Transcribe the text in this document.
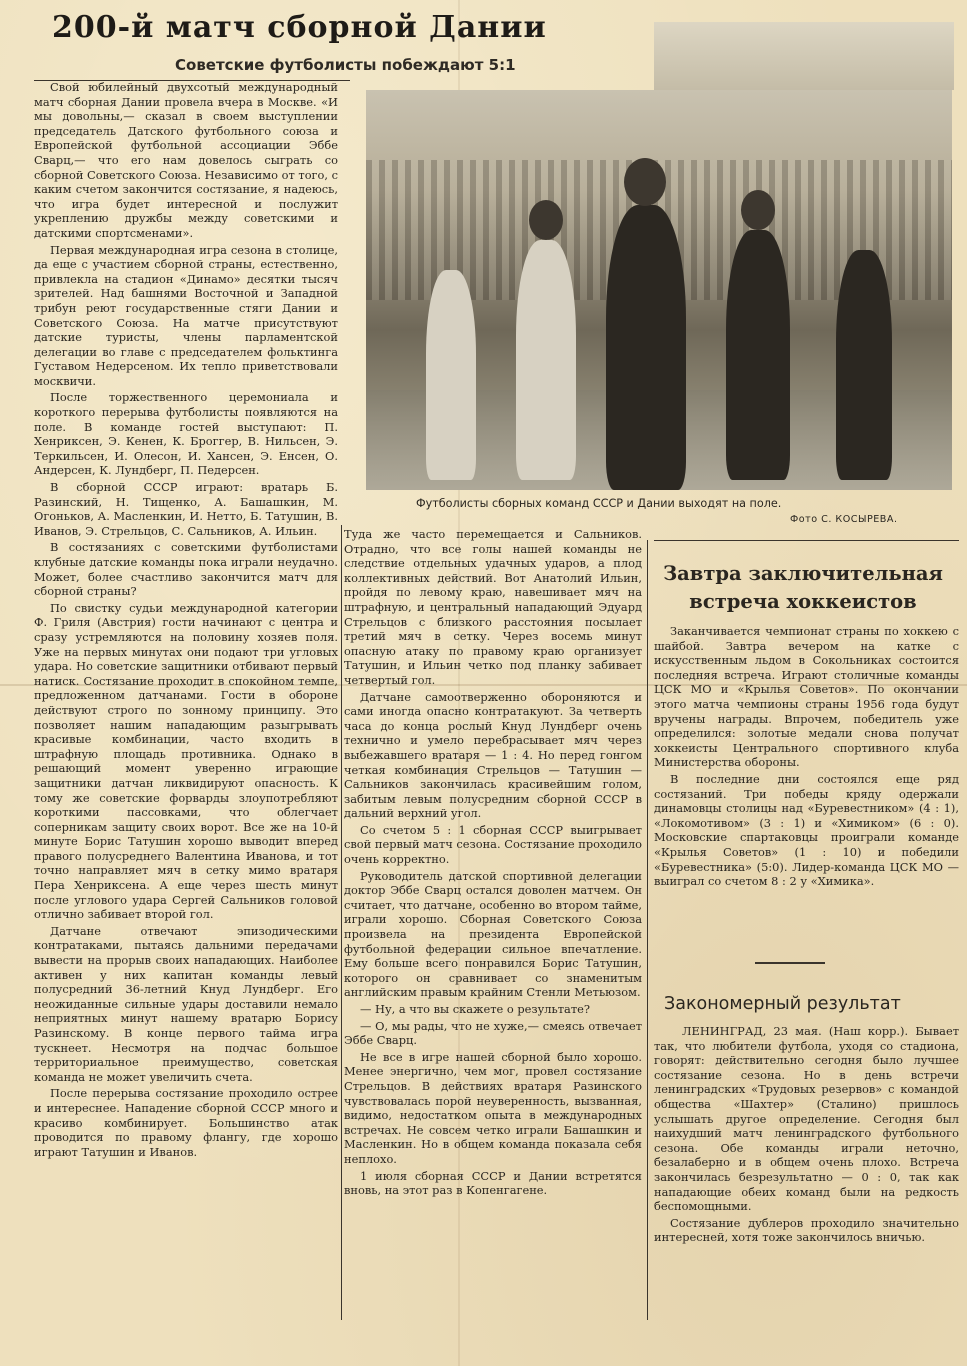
200-й матч сборной Дании
Советские футболисты побеждают 5:1
Футболисты сборных команд СССР и Дании выходят на поле.
Фото С. КОСЫРЕВА.

Свой юбилейный двухсотый международный матч сборная Дании провела вчера в Москве. «И мы довольны,— сказал в своем выступлении председатель Датского футбольного союза и Европейской футбольной ассоциации Эббе Сварц,— что его нам довелось сыграть со сборной Советского Союза. Независимо от того, с каким счетом закончится состязание, я надеюсь, что игра будет интересной и послужит укреплению дружбы между советскими и датскими спортсменами».

Первая международная игра сезона в столице, да еще с участием сборной страны, естественно, привлекла на стадион «Динамо» десятки тысяч зрителей. Над башнями Восточной и Западной трибун реют государственные стяги Дании и Советского Союза. На матче присутствуют датские туристы, члены парламентской делегации во главе с председателем фольктинга Густавом Недерсеном. Их тепло приветствовали москвичи.

После торжественного церемониала и короткого перерыва футболисты появляются на поле. В команде гостей выступают: П. Хенриксен, Э. Кенен, К. Броггер, В. Нильсен, Э. Теркильсен, И. Олесон, И. Хансен, Э. Енсен, О. Андерсен, К. Лундберг, П. Педерсен.

В сборной СССР играют: вратарь Б. Разинский, Н. Тищенко, А. Башашкин, М. Огоньков, А. Масленкин, И. Нетто, Б. Татушин, В. Иванов, Э. Стрельцов, С. Сальников, А. Ильин.

В состязаниях с советскими футболистами клубные датские команды пока играли неудачно. Может, более счастливо закончится матч для сборной страны?

По свистку судьи международной категории Ф. Гриля (Австрия) гости начинают с центра и сразу устремляются на половину хозяев поля. Уже на первых минутах они подают три угловых удара. Но советские защитники отбивают первый натиск. Состязание проходит в спокойном темпе, предложенном датчанами. Гости в обороне действуют строго по зонному принципу. Это позволяет нашим нападающим разыгрывать красивые комбинации, часто входить в штрафную площадь противника. Однако в решающий момент уверенно играющие защитники датчан ликвидируют опасность. К тому же советские форварды злоупотребляют короткими пассовками, что облегчает соперникам защиту своих ворот. Все же на 10-й минуте Борис Татушин хорошо выводит вперед правого полусреднего Валентина Иванова, и тот точно направляет мяч в сетку мимо вратаря Пера Хенриксена. А еще через шесть минут после углового удара Сергей Сальников головой отлично забивает второй гол.

Датчане отвечают эпизодическими контратаками, пытаясь дальними передачами вывести на прорыв своих нападающих. Наиболее активен у них капитан команды левый полусредний 36-летний Кнуд Лундберг. Его неожиданные сильные удары доставили немало неприятных минут нашему вратарю Борису Разинскому. В конце первого тайма игра тускнеет. Несмотря на подчас большое территориальное преимущество, советская команда не может увеличить счета.

После перерыва состязание проходило острее и интереснее. Нападение сборной СССР много и красиво комбинирует. Большинство атак проводится по правому флангу, где хорошо играют Татушин и Иванов.

Туда же часто перемещается и Сальников. Отрадно, что все голы нашей команды не следствие отдельных удачных ударов, а плод коллективных действий. Вот Анатолий Ильин, пройдя по левому краю, навешивает мяч на штрафную, и центральный нападающий Эдуард Стрельцов с близкого расстояния посылает третий мяч в сетку. Через восемь минут опасную атаку по правому краю организует Татушин, и Ильин четко под планку забивает четвертый гол.

Датчане самоотверженно обороняются и сами иногда опасно контратакуют. За четверть часа до конца рослый Кнуд Лундберг очень технично и умело перебрасывает мяч через выбежавшего вратаря — 1 : 4. Но перед гонгом четкая комбинация Стрельцов — Татушин — Сальников закончилась красивейшим голом, забитым левым полусредним сборной СССР в дальний верхний угол.

Со счетом 5 : 1 сборная СССР выигрывает свой первый матч сезона. Состязание проходило очень корректно.

Руководитель датской спортивной делегации доктор Эббе Сварц остался доволен матчем. Он считает, что датчане, особенно во втором тайме, играли хорошо. Сборная Советского Союза произвела на президента Европейской футбольной федерации сильное впечатление. Ему больше всего понравился Борис Татушин, которого он сравнивает со знаменитым английским правым крайним Стенли Метьюзом.

— Ну, а что вы скажете о результате?

— О, мы рады, что не хуже,— смеясь отвечает Эббе Сварц.

Не все в игре нашей сборной было хорошо. Менее энергично, чем мог, провел состязание Стрельцов. В действиях вратаря Разинского чувствовалась порой неуверенность, вызванная, видимо, недостатком опыта в международных встречах. Не совсем четко играли Башашкин и Масленкин. Но в общем команда показала себя неплохо.

1 июля сборная СССР и Дании встретятся вновь, на этот раз в Копенгагене.

Завтра заключительная встреча хоккеистов

Заканчивается чемпионат страны по хоккею с шайбой. Завтра вечером на катке с искусственным льдом в Сокольниках состоится последняя встреча. Играют столичные команды ЦСК МО и «Крылья Советов». По окончании этого матча чемпионы страны 1956 года будут вручены награды. Впрочем, победитель уже определился: золотые медали снова получат хоккеисты Центрального спортивного клуба Министерства обороны.

В последние дни состоялся еще ряд состязаний. Три победы кряду одержали динамовцы столицы над «Буревестником» (4 : 1), «Локомотивом» (3 : 1) и «Химиком» (6 : 0). Московские спартаковцы проиграли команде «Крылья Советов» (1 : 10) и победили «Буревестника» (5:0). Лидер-команда ЦСК МО — выиграл со счетом 8 : 2 у «Химика».

Закономерный результат

ЛЕНИНГРАД, 23 мая. (Наш корр.). Бывает так, что любители футбола, уходя со стадиона, говорят: действительно сегодня было лучшее состязание сезона. Но в день встречи ленинградских «Трудовых резервов» с командой общества «Шахтер» (Сталино) пришлось услышать другое определение. Сегодня был наихудший матч ленинградского футбольного сезона. Обе команды играли неточно, безалаберно и в общем очень плохо. Встреча закончилась безрезультатно — 0 : 0, так как нападающие обеих команд были на редкость беспомощными.

Состязание дублеров проходило значительно интересней, хотя тоже закончилось вничью.
